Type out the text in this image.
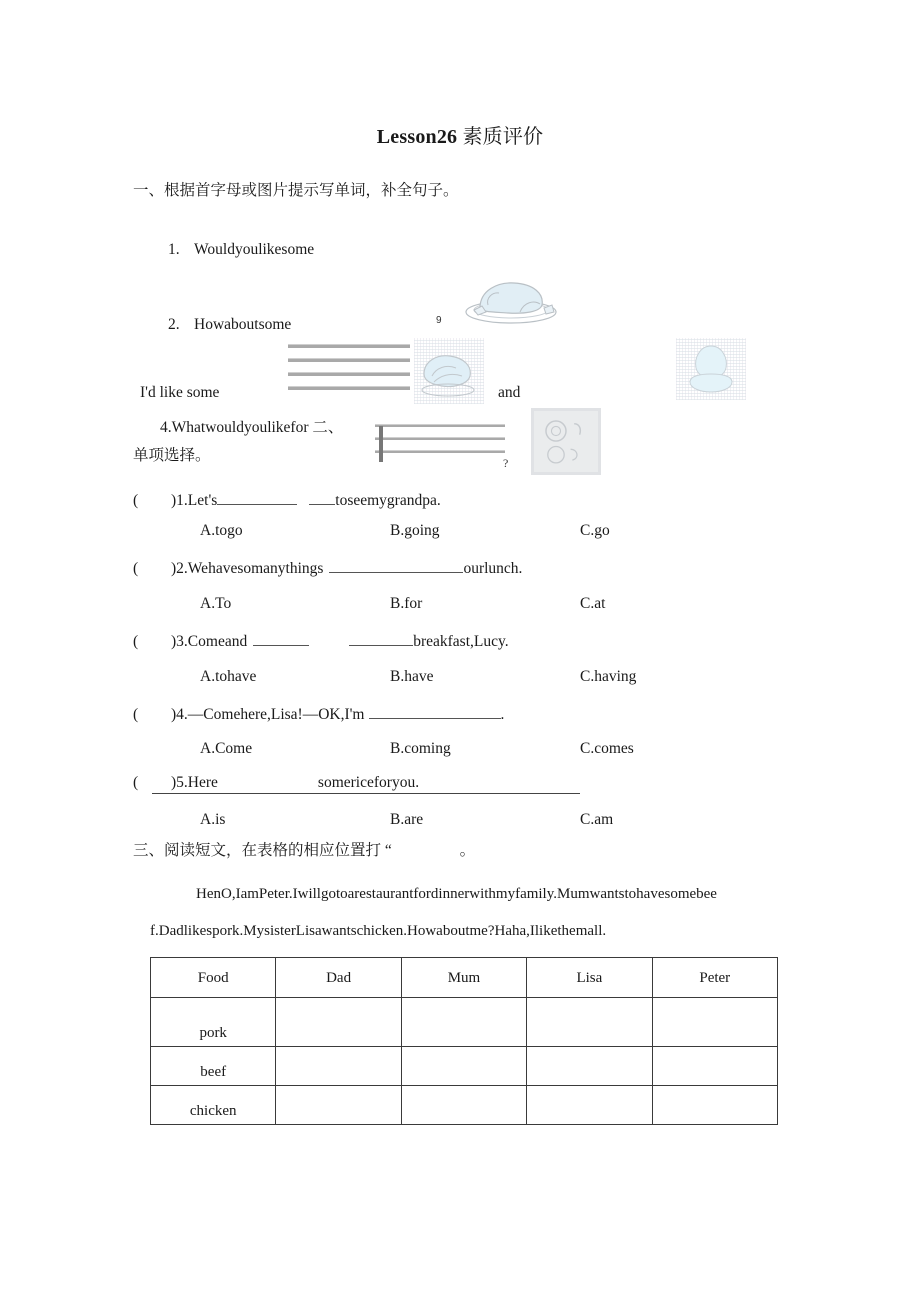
Lesson26 素质评价
一、根据首字母或图片提示写单词，补全句子。
1. Wouldyoulikesome
2. Howaboutsome
I'd like some	and
4.Whatwouldyoulikefor 二、
单项选择。
9
?
( )1.Let's	toseemygrandpa.
A.togo	B.going	C.go
( )2.Wehavesomanythings	ourlunch.
A.To	B.for	C.at
( )3.Comeand	breakfast,Lucy.
A.tohave	B.have	C.having
( )4.—Comehere,Lisa!—OK,I'm	.
A.Come	B.coming	C.comes
( )5.Here	somericeforyou.
A.is	B.are	C.am
三、阅读短文，在表格的相应位置打 “	。
HenO,IamPeter.Iwillgotoarestaurantfordinnerwithmyfamily.Mumwantstohavesomebee
f.Dadlikespork.MysisterLisawantschicken.Howaboutme?Haha,Ilikethemall.
Food	Dad	Mum	Lisa	Peter
pork				
beef				
chicken				
